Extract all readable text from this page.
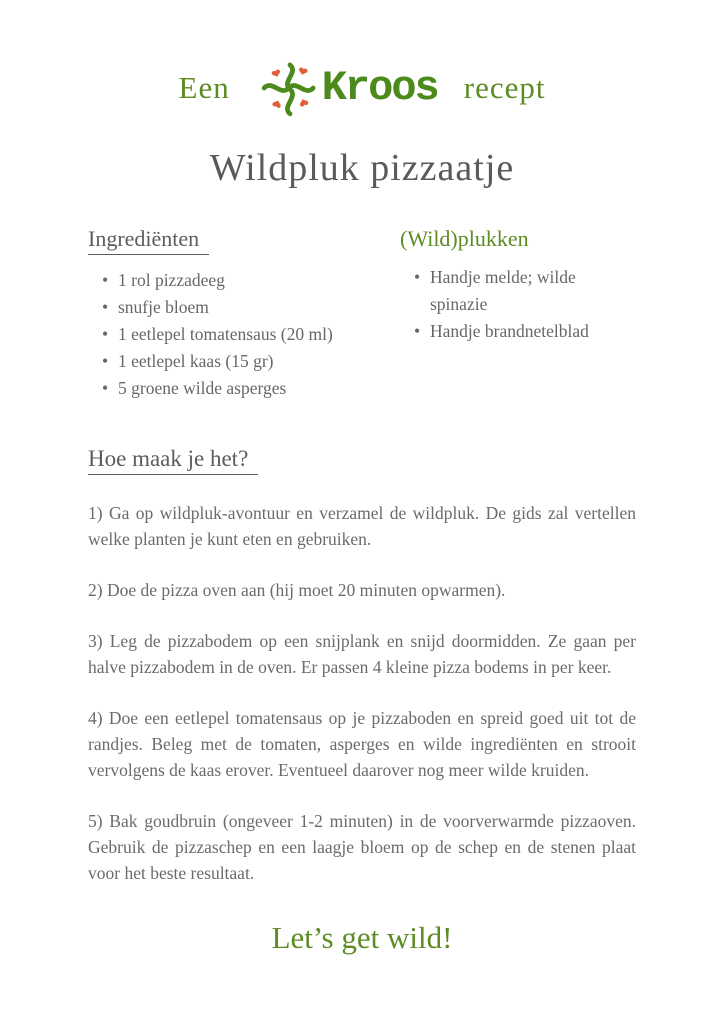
Een Kroos recept
Wildpluk pizzaatje
Ingrediënten
• 1 rol pizzadeeg
• snufje bloem
• 1 eetlepel tomatensaus (20 ml)
• 1 eetlepel kaas (15 gr)
• 5 groene wilde asperges
(Wild)plukken
• Handje melde; wilde spinazie
• Handje brandnetelblad
Hoe maak je het?

1) Ga op wildpluk-avontuur en verzamel de wildpluk. De gids zal vertellen welke planten je kunt eten en gebruiken.

2) Doe de pizza oven aan (hij moet 20 minuten opwarmen).

3) Leg de pizzabodem op een snijplank en snijd doormidden. Ze gaan per halve pizzabodem in de oven. Er passen 4 kleine pizza bodems in per keer.

4) Doe een eetlepel tomatensaus op je pizzaboden en spreid goed uit tot de randjes. Beleg met de tomaten, asperges en wilde ingrediënten en strooit vervolgens de kaas erover. Eventueel daarover nog meer wilde kruiden.

5) Bak goudbruin (ongeveer 1-2 minuten) in de voorverwarmde pizzaoven. Gebruik de pizzaschep en een laagje bloem op de schep en de stenen plaat voor het beste resultaat.

Let’s get wild!
